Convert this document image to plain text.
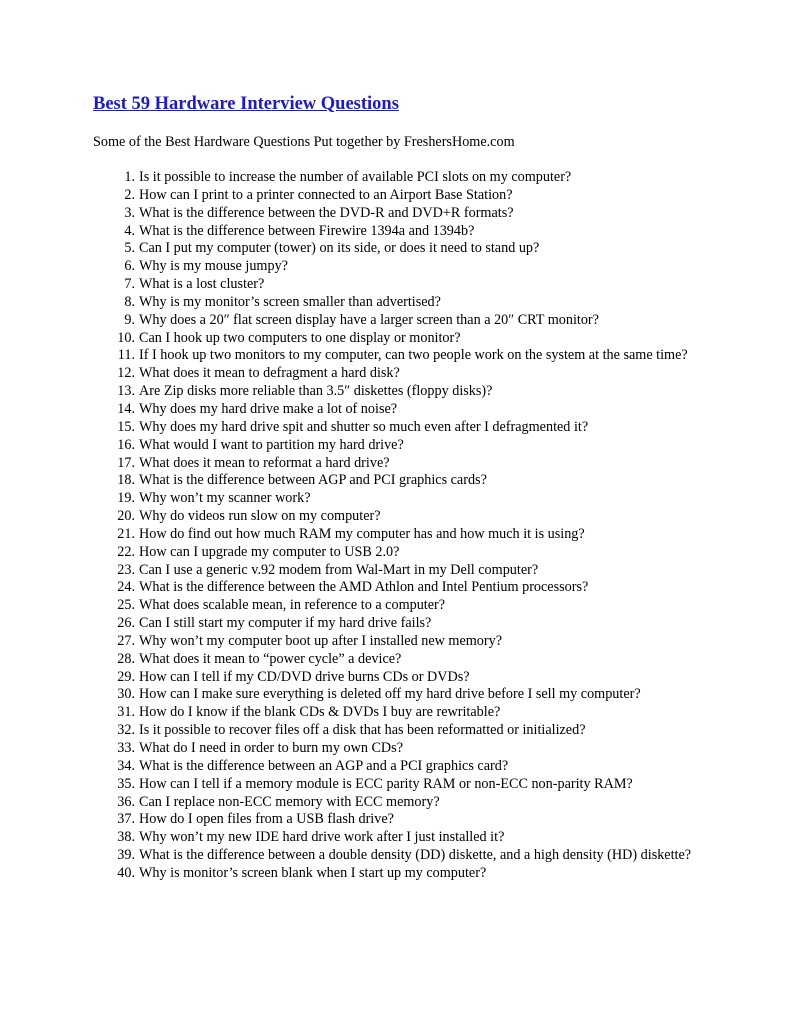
Best 59 Hardware Interview Questions

Some of the Best Hardware Questions Put together by FreshersHome.com

1. Is it possible to increase the number of available PCI slots on my computer?
2. How can I print to a printer connected to an Airport Base Station?
3. What is the difference between the DVD-R and DVD+R formats?
4. What is the difference between Firewire 1394a and 1394b?
5. Can I put my computer (tower) on its side, or does it need to stand up?
6. Why is my mouse jumpy?
7. What is a lost cluster?
8. Why is my monitor’s screen smaller than advertised?
9. Why does a 20″ flat screen display have a larger screen than a 20″ CRT monitor?
10. Can I hook up two computers to one display or monitor?
11. If I hook up two monitors to my computer, can two people work on the system at the same time?
12. What does it mean to defragment a hard disk?
13. Are Zip disks more reliable than 3.5″ diskettes (floppy disks)?
14. Why does my hard drive make a lot of noise?
15. Why does my hard drive spit and shutter so much even after I defragmented it?
16. What would I want to partition my hard drive?
17. What does it mean to reformat a hard drive?
18. What is the difference between AGP and PCI graphics cards?
19. Why won’t my scanner work?
20. Why do videos run slow on my computer?
21. How do find out how much RAM my computer has and how much it is using?
22. How can I upgrade my computer to USB 2.0?
23. Can I use a generic v.92 modem from Wal-Mart in my Dell computer?
24. What is the difference between the AMD Athlon and Intel Pentium processors?
25. What does scalable mean, in reference to a computer?
26. Can I still start my computer if my hard drive fails?
27. Why won’t my computer boot up after I installed new memory?
28. What does it mean to “power cycle” a device?
29. How can I tell if my CD/DVD drive burns CDs or DVDs?
30. How can I make sure everything is deleted off my hard drive before I sell my computer?
31. How do I know if the blank CDs & DVDs I buy are rewritable?
32. Is it possible to recover files off a disk that has been reformatted or initialized?
33. What do I need in order to burn my own CDs?
34. What is the difference between an AGP and a PCI graphics card?
35. How can I tell if a memory module is ECC parity RAM or non-ECC non-parity RAM?
36. Can I replace non-ECC memory with ECC memory?
37. How do I open files from a USB flash drive?
38. Why won’t my new IDE hard drive work after I just installed it?
39. What is the difference between a double density (DD) diskette, and a high density (HD) diskette?
40. Why is monitor’s screen blank when I start up my computer?
